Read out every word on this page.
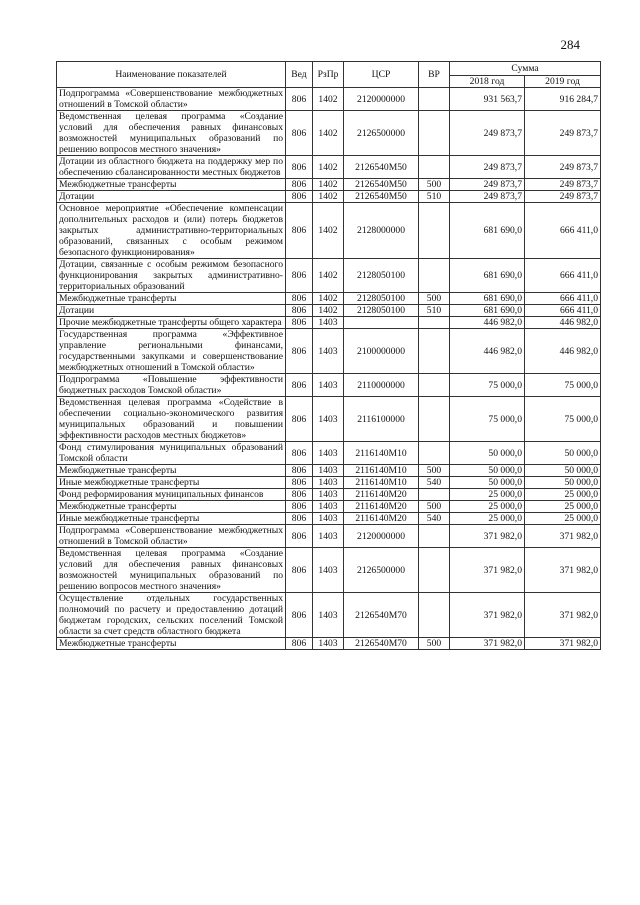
284
Наименование показателей	Вед	РзПр	ЦСР	ВР	Сумма	
					2018 год	2019 год
Подпрограмма «Совершенствование межбюджетных отношений в Томской области»	806	1402	2120000000		931 563,7	916 284,7
Ведомственная целевая программа «Создание условий для обеспечения равных финансовых возможностей муниципальных образований по решению вопросов местного значения»	806	1402	2126500000		249 873,7	249 873,7
Дотации из областного бюджета на поддержку мер по обеспечению сбалансированности местных бюджетов	806	1402	2126540М50		249 873,7	249 873,7
Межбюджетные трансферты	806	1402	2126540М50	500	249 873,7	249 873,7
Дотации	806	1402	2126540М50	510	249 873,7	249 873,7
Основное мероприятие «Обеспечение компенсации дополнительных расходов и (или) потерь бюджетов закрытых административно-территориальных образований, связанных с особым режимом безопасного функционирования»	806	1402	2128000000		681 690,0	666 411,0
Дотации, связанные с особым режимом безопасного функционирования закрытых административно-территориальных образований	806	1402	2128050100		681 690,0	666 411,0
Межбюджетные трансферты	806	1402	2128050100	500	681 690,0	666 411,0
Дотации	806	1402	2128050100	510	681 690,0	666 411,0
Прочие межбюджетные трансферты общего характера	806	1403			446 982,0	446 982,0
Государственная программа «Эффективное управление региональными финансами, государственными закупками и совершенствование межбюджетных отношений в Томской области»	806	1403	2100000000		446 982,0	446 982,0
Подпрограмма «Повышение эффективности бюджетных расходов Томской области»	806	1403	2110000000		75 000,0	75 000,0
Ведомственная целевая программа «Содействие в обеспечении социально-экономического развития муниципальных образований и повышении эффективности расходов местных бюджетов»	806	1403	2116100000		75 000,0	75 000,0
Фонд стимулирования муниципальных образований Томской области	806	1403	2116140М10		50 000,0	50 000,0
Межбюджетные трансферты	806	1403	2116140М10	500	50 000,0	50 000,0
Иные межбюджетные трансферты	806	1403	2116140М10	540	50 000,0	50 000,0
Фонд реформирования муниципальных финансов	806	1403	2116140М20		25 000,0	25 000,0
Межбюджетные трансферты	806	1403	2116140М20	500	25 000,0	25 000,0
Иные межбюджетные трансферты	806	1403	2116140М20	540	25 000,0	25 000,0
Подпрограмма «Совершенствование межбюджетных отношений в Томской области»	806	1403	2120000000		371 982,0	371 982,0
Ведомственная целевая программа «Создание условий для обеспечения равных финансовых возможностей муниципальных образований по решению вопросов местного значения»	806	1403	2126500000		371 982,0	371 982,0
Осуществление отдельных государственных полномочий по расчету и предоставлению дотаций бюджетам городских, сельских поселений Томской области за счет средств областного бюджета	806	1403	2126540М70		371 982,0	371 982,0
Межбюджетные трансферты	806	1403	2126540М70	500	371 982,0	371 982,0
